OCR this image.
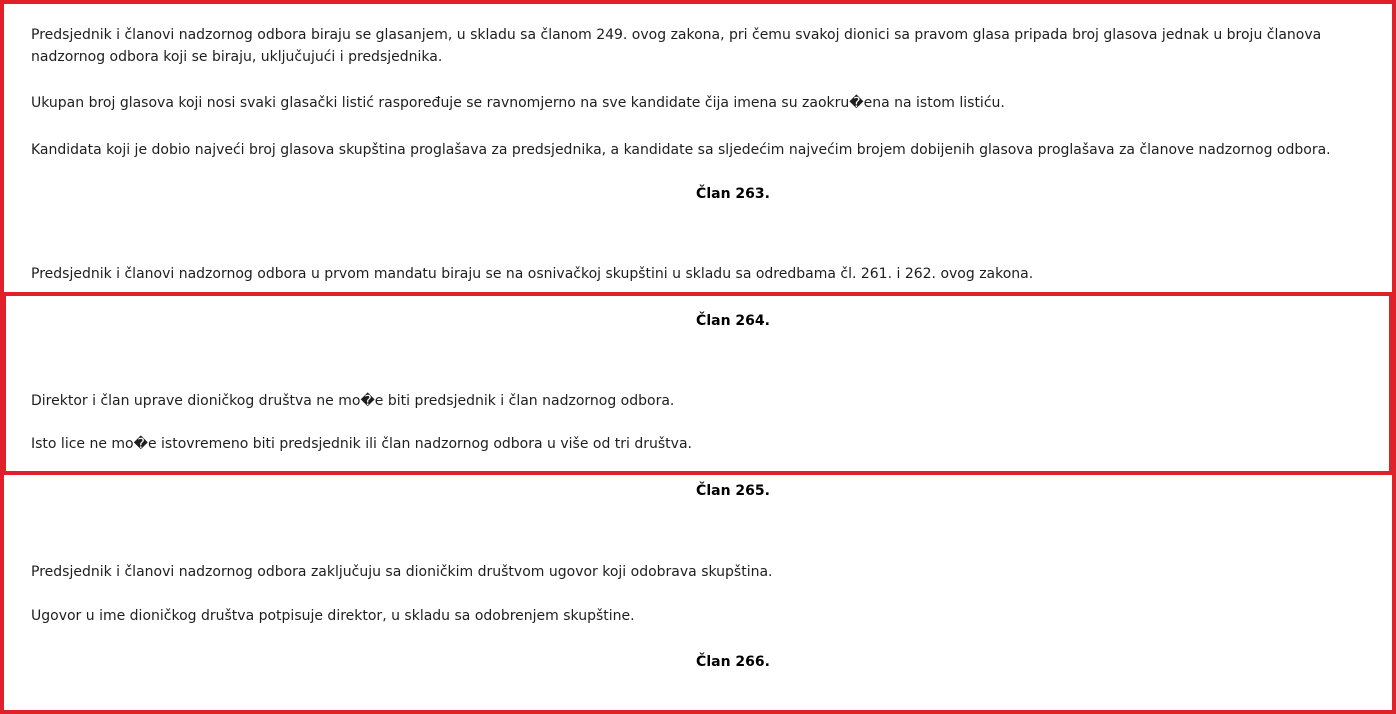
Predsjednik i članovi nadzornog odbora biraju se glasanjem, u skladu sa članom 249. ovog zakona, pri čemu svakoj dionici sa pravom glasa pripada broj glasova jednak u broju članova nadzornog odbora koji se biraju, uključujući i predsjednika.

Ukupan broj glasova koji nosi svaki glasački listić raspoređuje se ravnomjerno na sve kandidate čija imena su zaokru�ena na istom listiću.

Kandidata koji je dobio najveći broj glasova skupština proglašava za predsjednika, a kandidate sa sljedećim najvećim brojem dobijenih glasova proglašava za članove nadzornog odbora.

Član 263.

Predsjednik i članovi nadzornog odbora u prvom mandatu biraju se na osnivačkoj skupštini u skladu sa odredbama čl. 261. i 262. ovog zakona.

Član 264.

Direktor i član uprave dioničkog društva ne mo�e biti predsjednik i član nadzornog odbora.

Isto lice ne mo�e istovremeno biti predsjednik ili član nadzornog odbora u više od tri društva.

Član 265.

Predsjednik i članovi nadzornog odbora zaključuju sa dioničkim društvom ugovor koji odobrava skupština.

Ugovor u ime dioničkog društva potpisuje direktor, u skladu sa odobrenjem skupštine.

Član 266.
